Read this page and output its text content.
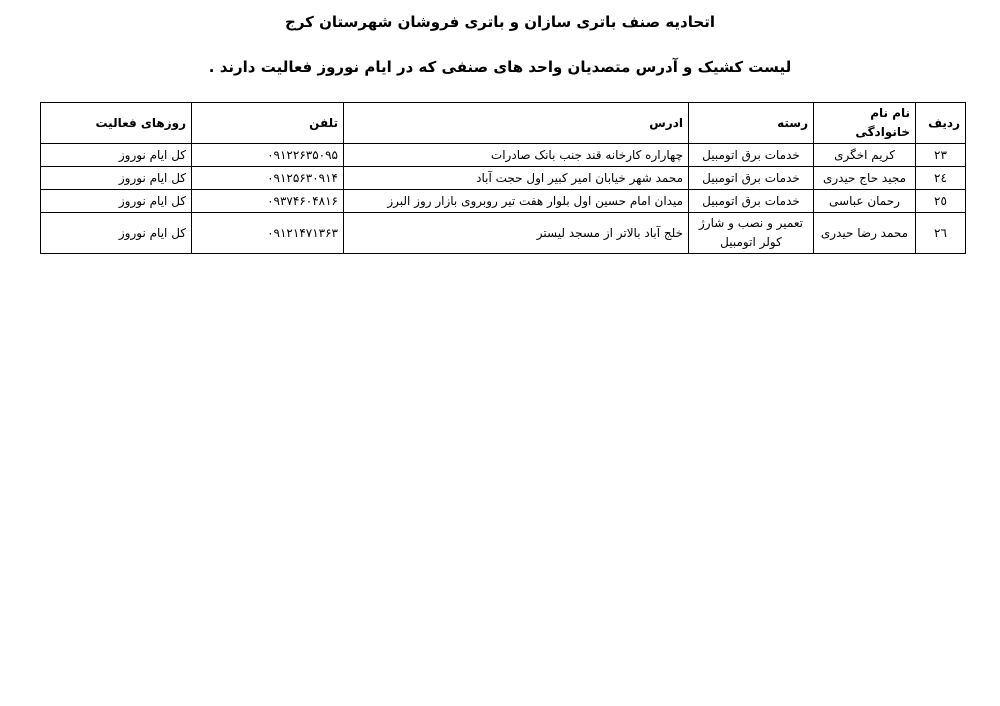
اتحادیه صنف باتری سازان و باتری فروشان شهرستان کرج
لیست کشیک و آدرس متصدیان واحد های صنفی که در ایام نوروز فعالیت دارند .
ردیف	نام نام خانوادگی	رسته	ادرس	تلفن	روزهای فعالیت
۲۳	کریم اخگری	خدمات برق اتومبیل	چهاراره کارخانه قند جنب بانک صادرات	۰۹۱۲۲۶۳۵۰۹۵	کل ایام نوروز
۲٤	مجید حاج حیدری	خدمات برق اتومبیل	محمد شهر خیابان امیر کبیر اول حجت آباد	۰۹۱۲۵۶۳۰۹۱۴	کل ایام نوروز
۲٥	رحمان عباسی	خدمات برق اتومبیل	میدان امام حسین اول بلوار هفت تیر روبروی بازار روز البرز	۰۹۳۷۴۶۰۴۸۱۶	کل ایام نوروز
۲٦	محمد رضا حیدری	تعمیر و نصب و شارژ کولر اتومبیل	خلج آباد بالاتر از مسجد لیستر	۰۹۱۲۱۴۷۱۳۶۳	کل ایام نوروز
